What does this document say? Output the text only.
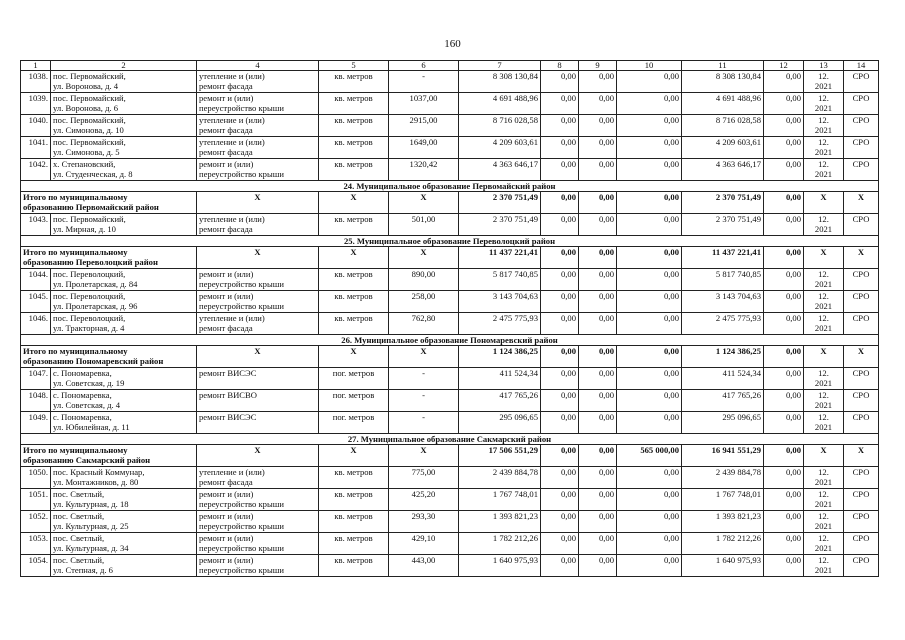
160
1	2	4	5	6	7	8	9	10	11	12	13	14
1038.	пос. Первомайский,
ул. Воронова, д. 4	утепление и (или)
ремонт фасада	кв. метров	-	8 308 130,84	0,00	0,00	0,00	8 308 130,84	0,00	12.
2021	СРО
1039.	пос. Первомайский,
ул. Воронова, д. 6	ремонт и (или)
переустройство крыши	кв. метров	1037,00	4 691 488,96	0,00	0,00	0,00	4 691 488,96	0,00	12.
2021	СРО
1040.	пос. Первомайский,
ул. Симонова, д. 10	утепление и (или)
ремонт фасада	кв. метров	2915,00	8 716 028,58	0,00	0,00	0,00	8 716 028,58	0,00	12.
2021	СРО
1041.	пос. Первомайский,
ул. Симонова, д. 5	утепление и (или)
ремонт фасада	кв. метров	1649,00	4 209 603,61	0,00	0,00	0,00	4 209 603,61	0,00	12.
2021	СРО
1042.	х. Степановский,
ул. Студенческая, д. 8	ремонт и (или)
переустройство крыши	кв. метров	1320,42	4 363 646,17	0,00	0,00	0,00	4 363 646,17	0,00	12.
2021	СРО
24. Муниципальное образование Первомайский район												

Итого по муниципальному
образованию Первомайский район		Х	Х	Х	2 370 751,49	0,00	0,00	0,00	2 370 751,49	0,00	Х	Х
1043.	пос. Первомайский,
ул. Мирная, д. 10	утепление и (или)
ремонт фасада	кв. метров	501,00	2 370 751,49	0,00	0,00	0,00	2 370 751,49	0,00	12.
2021	СРО
25. Муниципальное образование Переволоцкий район												

Итого по муниципальному
образованию Переволоцкий район		Х	Х	Х	11 437 221,41	0,00	0,00	0,00	11 437 221,41	0,00	Х	Х
1044.	пос. Переволоцкий,
ул. Пролетарская, д. 84	ремонт и (или)
переустройство крыши	кв. метров	890,00	5 817 740,85	0,00	0,00	0,00	5 817 740,85	0,00	12.
2021	СРО
1045.	пос. Переволоцкий,
ул. Пролетарская, д. 96	ремонт и (или)
переустройство крыши	кв. метров	258,00	3 143 704,63	0,00	0,00	0,00	3 143 704,63	0,00	12.
2021	СРО
1046.	пос. Переволоцкий,
ул. Тракторная, д. 4	утепление и (или)
ремонт фасада	кв. метров	762,80	2 475 775,93	0,00	0,00	0,00	2 475 775,93	0,00	12.
2021	СРО
26. Муниципальное образование Пономаревский район												

Итого по муниципальному
образованию Пономаревский район		Х	Х	Х	1 124 386,25	0,00	0,00	0,00	1 124 386,25	0,00	Х	Х
1047.	с. Пономаревка,
ул. Советская, д. 19	ремонт ВИСЭС	пог. метров	-	411 524,34	0,00	0,00	0,00	411 524,34	0,00	12.
2021	СРО
1048.	с. Пономаревка,
ул. Советская, д. 4	ремонт ВИСВО	пог. метров	-	417 765,26	0,00	0,00	0,00	417 765,26	0,00	12.
2021	СРО
1049.	с. Пономаревка,
ул. Юбилейная, д. 11	ремонт ВИСЭС	пог. метров	-	295 096,65	0,00	0,00	0,00	295 096,65	0,00	12.
2021	СРО
27. Муниципальное образование Сакмарский район												

Итого по муниципальному
образованию Сакмарский район		Х	Х	Х	17 506 551,29	0,00	0,00	565 000,00	16 941 551,29	0,00	Х	Х
1050.	пос. Красный Коммунар,
ул. Монтажников, д. 80	утепление и (или)
ремонт фасада	кв. метров	775,00	2 439 884,78	0,00	0,00	0,00	2 439 884,78	0,00	12.
2021	СРО
1051.	пос. Светлый,
ул. Культурная, д. 18	ремонт и (или)
переустройство крыши	кв. метров	425,20	1 767 748,01	0,00	0,00	0,00	1 767 748,01	0,00	12.
2021	СРО
1052.	пос. Светлый,
ул. Культурная, д. 25	ремонт и (или)
переустройство крыши	кв. метров	293,30	1 393 821,23	0,00	0,00	0,00	1 393 821,23	0,00	12.
2021	СРО
1053.	пос. Светлый,
ул. Культурная, д. 34	ремонт и (или)
переустройство крыши	кв. метров	429,10	1 782 212,26	0,00	0,00	0,00	1 782 212,26	0,00	12.
2021	СРО
1054.	пос. Светлый,
ул. Степная, д. 6	ремонт и (или)
переустройство крыши	кв. метров	443,00	1 640 975,93	0,00	0,00	0,00	1 640 975,93	0,00	12.
2021	СРО
